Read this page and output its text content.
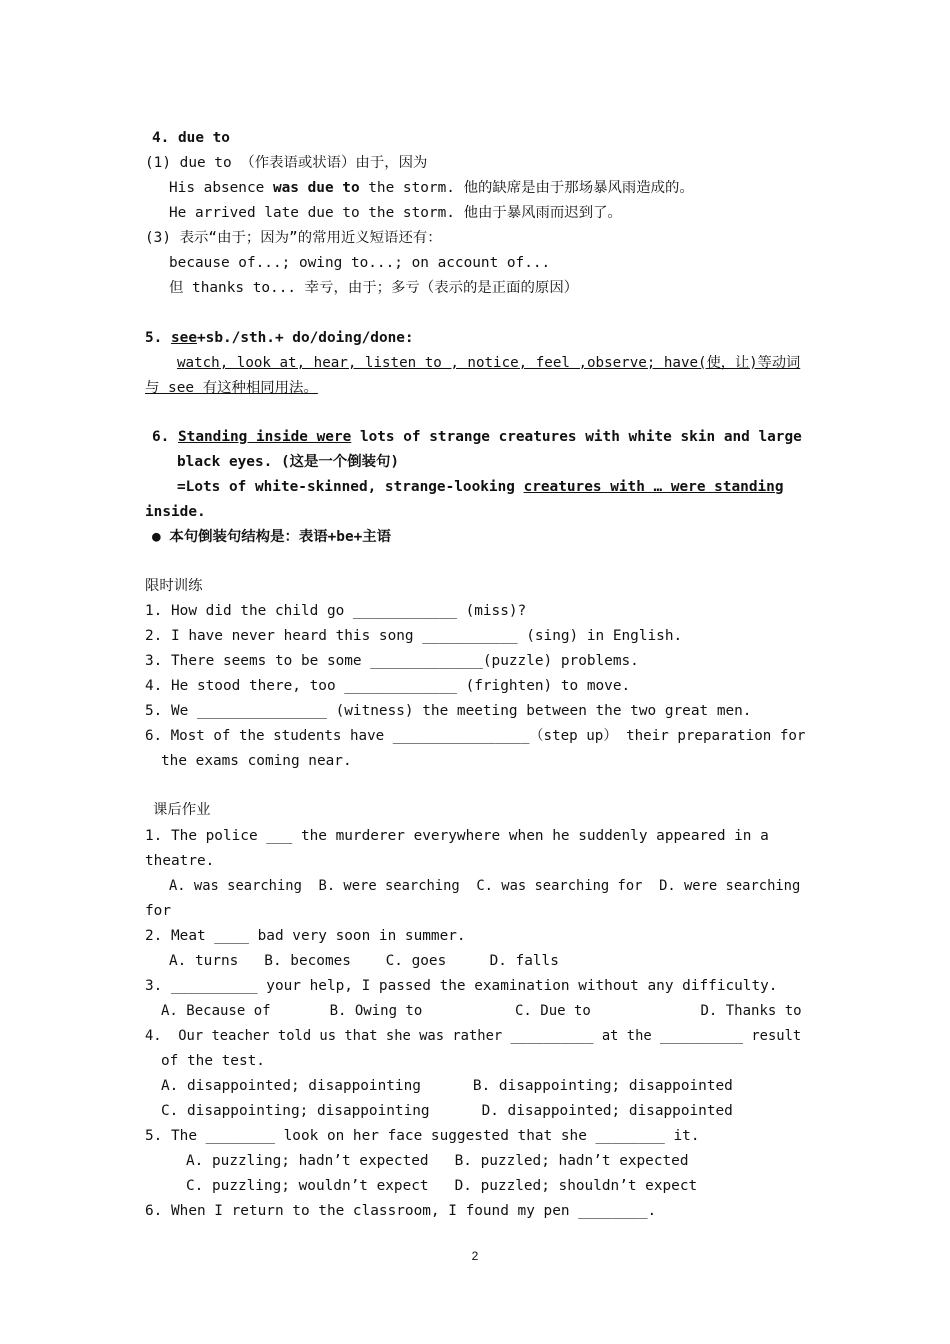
4. due to
(1) due to （作表语或状语）由于，因为
His absence was due to the storm. 他的缺席是由于那场暴风雨造成的。
He arrived late due to the storm. 他由于暴风雨而迟到了。
(3) 表示“由于；因为”的常用近义短语还有：
because of...; owing to...; on account of...
但 thanks to... 幸亏，由于；多亏（表示的是正面的原因）
5. see+sb./sth.+ do/doing/done:
watch, look at, hear, listen to , notice, feel ,observe; have(使，让)等动词
与 see 有这种相同用法。
6. Standing inside were lots of strange creatures with white skin and large
black eyes. (这是一个倒装句)
=Lots of white-skinned, strange-looking creatures with … were standing
inside.
● 本句倒装句结构是：表语+be+主语
限时训练
1. How did the child go ____________ (miss)?
2. I have never heard this song ___________ (sing) in English.
3. There seems to be some _____________(puzzle) problems.
4. He stood there, too _____________ (frighten) to move.
5. We _______________ (witness) the meeting between the two great men.
6. Most of the students have ________________（step up） their preparation for
the exams coming near.
课后作业
1. The police ___ the murderer everywhere when he suddenly appeared in a
theatre.
A. was searching  B. were searching  C. was searching for  D. were searching
for
2. Meat ____ bad very soon in summer.
A. turns   B. becomes    C. goes     D. falls
3. __________ your help, I passed the examination without any difficulty.
A. Because of       B. Owing to           C. Due to             D. Thanks to
4.  Our teacher told us that she was rather __________ at the __________ result
of the test.
A. disappointed; disappointing      B. disappointing; disappointed
C. disappointing; disappointing      D. disappointed; disappointed
5. The ________ look on her face suggested that she ________ it.
A. puzzling; hadn’t expected   B. puzzled; hadn’t expected
C. puzzling; wouldn’t expect   D. puzzled; shouldn’t expect
6. When I return to the classroom, I found my pen ________.
2
